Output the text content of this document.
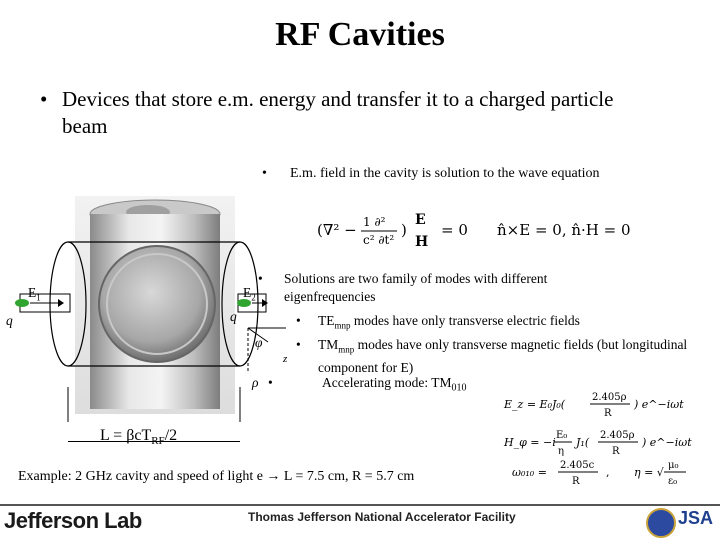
RF Cavities
• Devices that store e.m. energy and transfer it to a charged particle beam
• E.m. field in the cavity is solution to the wave equation
(∇² − 1 ∂²
c² ∂t²
)
E
H
= 0 n̂×E = 0, n̂·H = 0
$E_1$	$E_2$
q	q
φ
z
ρ
L = βcT$_{RF}$/2
• Solutions are two family of modes with different eigenfrequencies
• $TE_{mnp}$ modes have only transverse electric fields
• $TM_{mnp}$ modes have only transverse magnetic fields (but longitudinal component for E)
•	Accelerating mode: $TM_{010}$
E_z = E₀J₀(
2.405ρ
R
) e^−iωt
H_φ = −i
E₀
η
J₁(
2.405ρ
R
) e^−iωt
ω₀₁₀ =
2.405c
R
, η = √
μ₀
ε₀
Example: 2 GHz cavity and speed of light e → L = 7.5 cm, R = 5.7 cm
Jefferson Lab	Thomas Jefferson National Accelerator Facility	JSA
